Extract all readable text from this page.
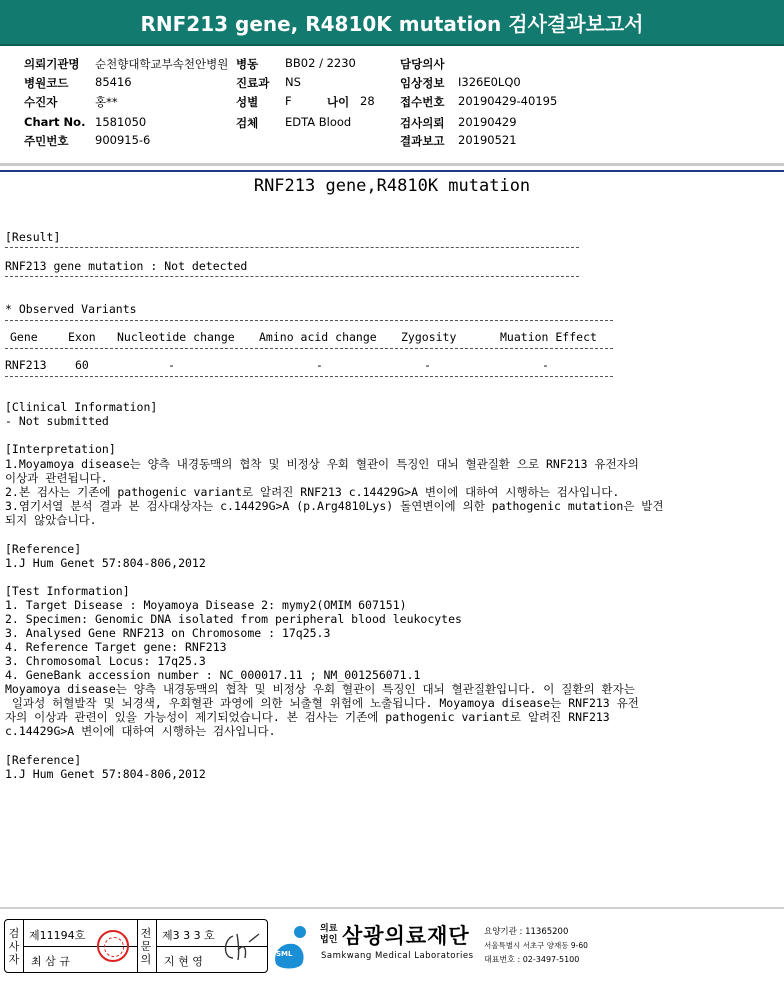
RNF213 gene, R4810K mutation 검사결과보고서
의뢰기관명 순천향대학교부속천안병원 병동 BB02 / 2230	담당의사
병원코드 85416	진료과 NS	임상정보 I326E0LQ0
수진자	홍**	성별 F	나이 28 접수번호 20190429-40195
Chart No. 1581050	검체 EDTA Blood	검사의뢰 20190429
주민번호 900915-6	결과보고 20190521
RNF213 gene,R4810K mutation
[Result]
RNF213 gene mutation : Not detected
* Observed Variants
Gene	Exon Nucleotide change Amino acid change Zygosity	Muation Effect
RNF213 60	-	-	-	-
[Clinical Information]
- Not submitted
[Interpretation]
1.Moyamoya disease는 양측 내경동맥의 협착 및 비정상 우회 혈관이 특징인 대뇌 혈관질환 으로 RNF213 유전자의
이상과 관련됩니다.
2.본 검사는 기존에 pathogenic variant로 알려진 RNF213 c.14429G>A 변이에 대하여 시행하는 검사입니다.
3.염기서열 분석 결과 본 검사대상자는 c.14429G>A (p.Arg4810Lys) 돌연변이에 의한 pathogenic mutation은 발견
되지 않았습니다.
[Reference]
1.J Hum Genet 57:804-806,2012
[Test Information]
1. Target Disease : Moyamoya Disease 2: mymy2(OMIM 607151)
2. Specimen: Genomic DNA isolated from peripheral blood leukocytes
3. Analysed Gene RNF213 on Chromosome : 17q25.3
4. Reference Target gene: RNF213
3. Chromosomal Locus: 17q25.3
4. GeneBank accession number : NC_000017.11 ; NM_001256071.1
Moyamoya disease는 양측 내경동맥의 협착 및 비정상 우회 혈관이 특징인 대뇌 혈관질환입니다. 이 질환의 환자는
일과성 허혈발작 및 뇌경색, 우회혈관 과영에 의한 뇌출혈 위험에 노출됩니다. Moyamoya disease는 RNF213 유전
자의 이상과 관련이 있을 가능성이 제기되었습니다. 본 검사는 기존에 pathogenic variant로 알려진 RNF213
c.14429G>A 변이에 대하여 시행하는 검사입니다.
[Reference]
1.J Hum Genet 57:804-806,2012
검
사
자
제11194호
최 삼 규
전
문
의
제3 3 3 호
지 현 영
SML
의료
법인 삼광의료재단
Samkwang Medical Laboratories
요양기관 : 11365200
서울특별시 서초구 양재동 9-60
대표번호 : 02-3497-5100
